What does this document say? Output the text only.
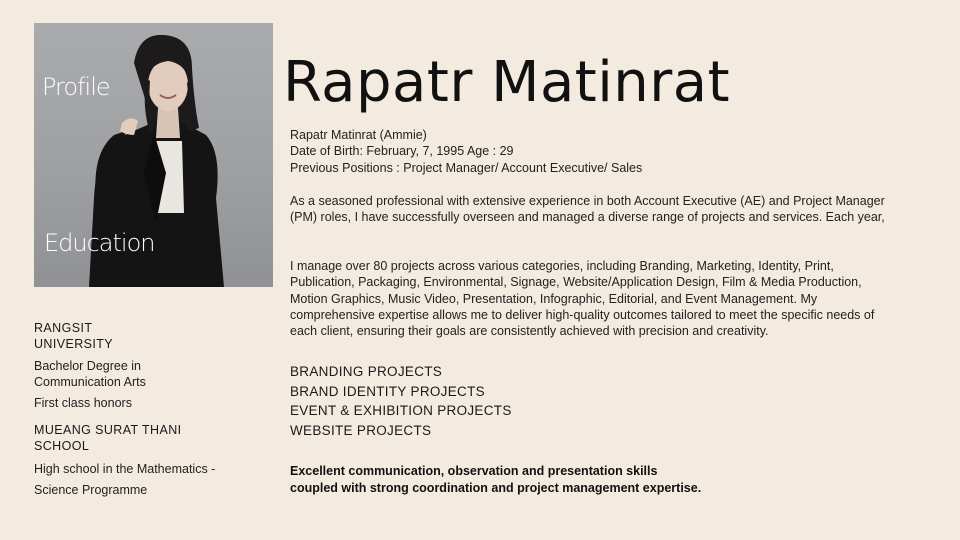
Profile
Education
Rapatr Matinrat
Rapatr Matinrat (Ammie)
Date of Birth: February, 7, 1995 Age : 29
Previous Positions : Project Manager/ Account Executive/ Sales
As a seasoned professional with extensive experience in both Account Executive (AE) and Project Manager (PM) roles, I have successfully overseen and managed a diverse range of projects and services. Each year,
I manage over 80 projects across various categories, including Branding, Marketing, Identity, Print, Publication, Packaging, Environmental, Signage, Website/Application Design, Film & Media Production, Motion Graphics, Music Video, Presentation, Infographic, Editorial, and Event Management. My comprehensive expertise allows me to deliver high-quality outcomes tailored to meet the specific needs of each client, ensuring their goals are consistently achieved with precision and creativity.
BRANDING PROJECTS
BRAND IDENTITY PROJECTS
EVENT & EXHIBITION PROJECTS
WEBSITE PROJECTS
Excellent communication, observation and presentation skills
coupled with strong coordination and project management expertise.
RANGSIT
UNIVERSITY
Bachelor Degree in
Communication Arts
First class honors
MUEANG SURAT THANI
SCHOOL
High school in the Mathematics -
Science Programme
